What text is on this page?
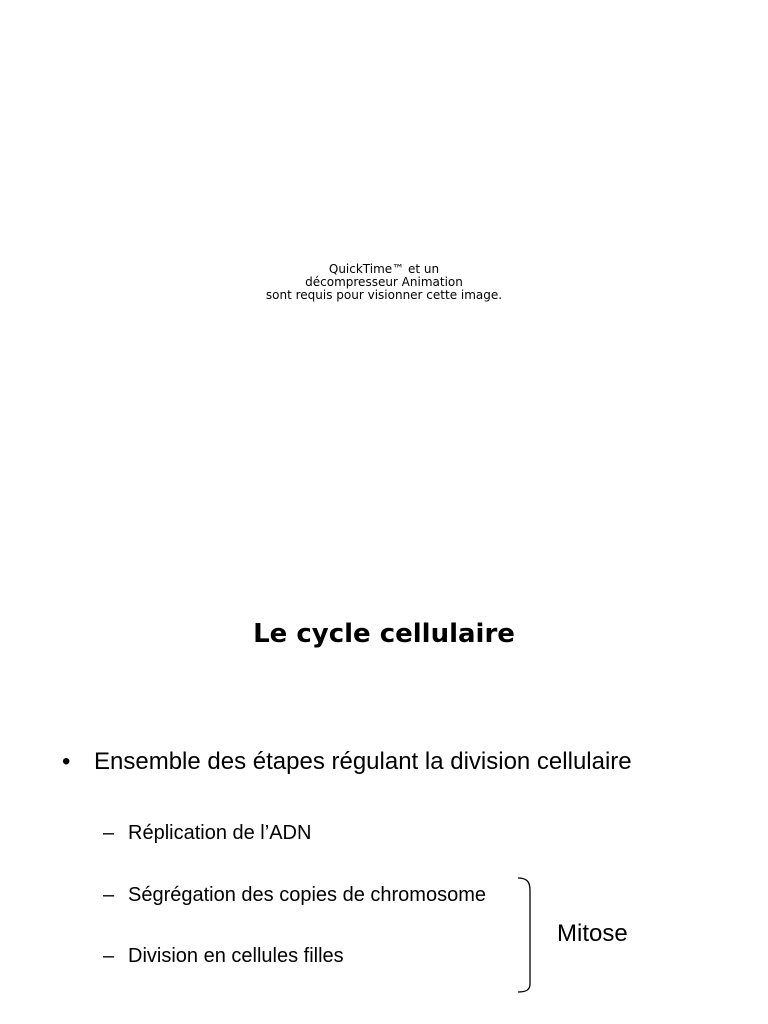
QuickTime™ et un
décompresseur Animation
sont requis pour visionner cette image.
Le cycle cellulaire
• Ensemble des étapes régulant la division cellulaire
– Réplication de l’ADN
– Ségrégation des copies de chromosome
– Division en cellules filles
Mitose
